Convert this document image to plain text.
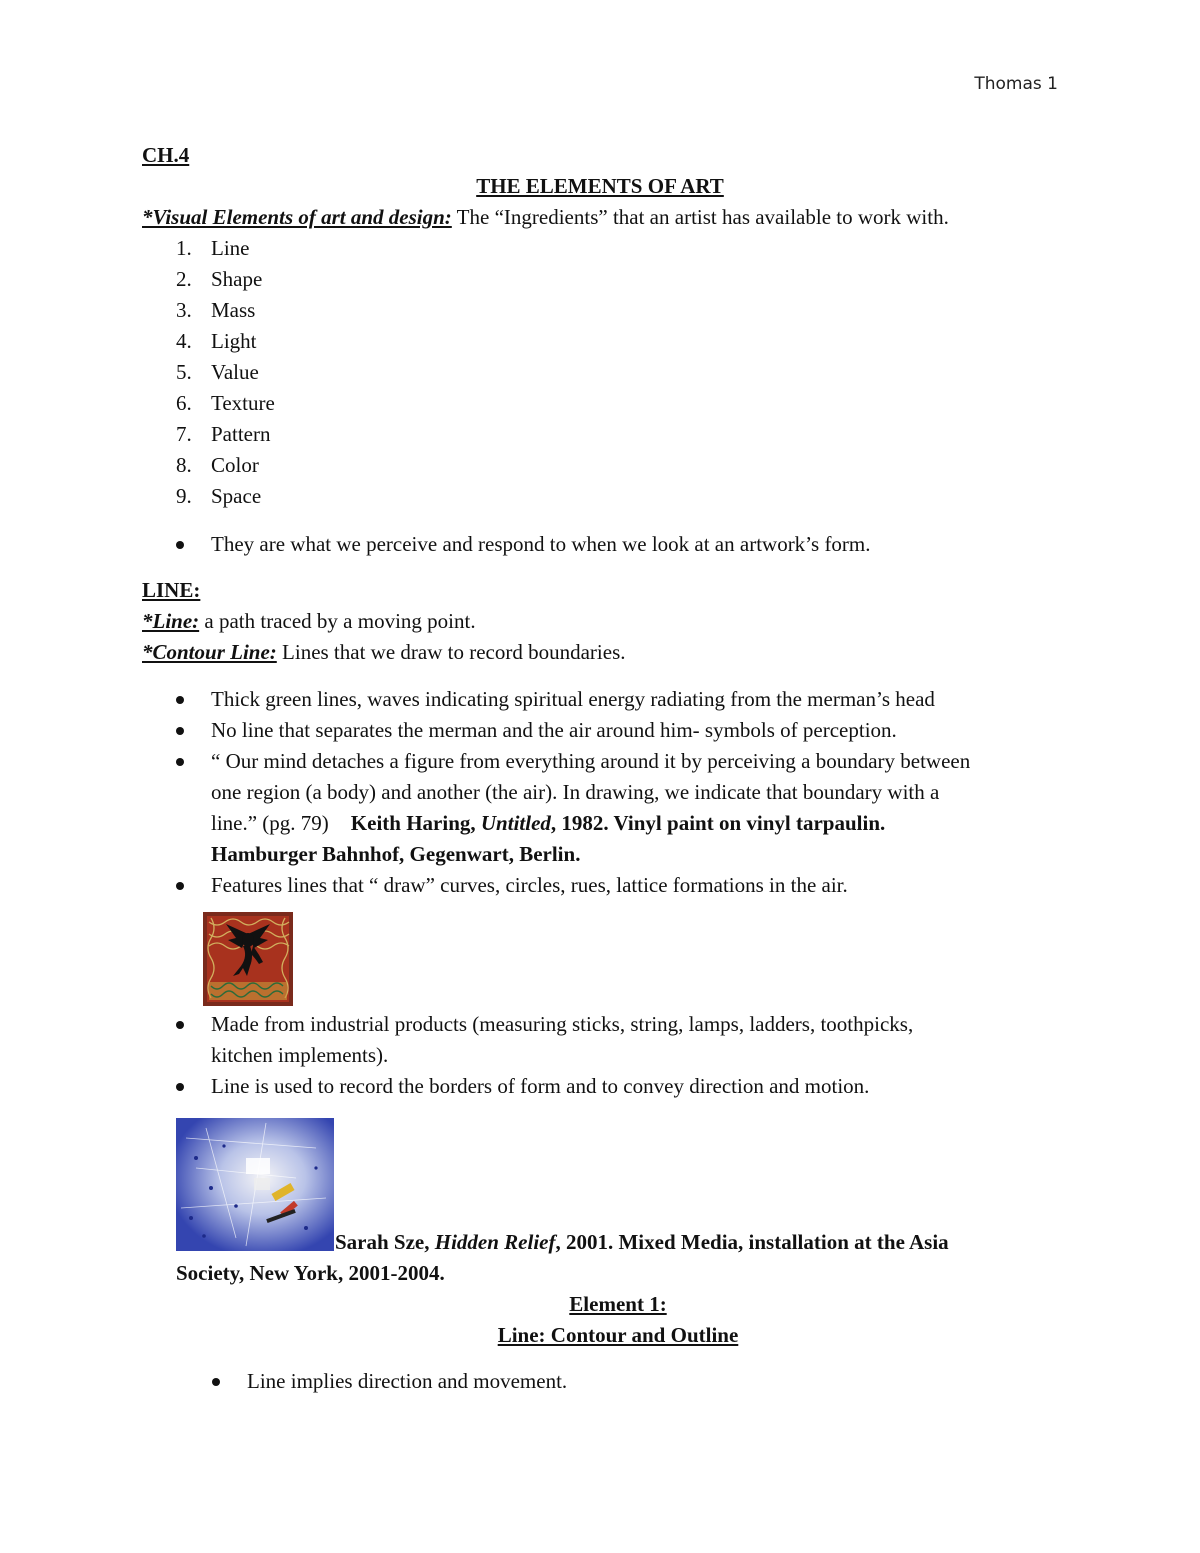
Thomas 1
CH.4
THE ELEMENTS OF ART
*Visual Elements of art and design: The “Ingredients” that an artist has available to work with.
1. Line
2. Shape
3. Mass
4. Light
5. Value
6. Texture
7. Pattern
8. Color
9. Space
They are what we perceive and respond to when we look at an artwork’s form.
LINE:
*Line: a path traced by a moving point.
*Contour Line: Lines that we draw to record boundaries.
Thick green lines, waves indicating spiritual energy radiating from the merman’s head
No line that separates the merman and the air around him- symbols of perception.
“ Our mind detaches a figure from everything around it by perceiving a boundary between
one region (a body) and another (the air). In drawing, we indicate that boundary with a
line.” (pg. 79) Keith Haring, Untitled, 1982. Vinyl paint on vinyl tarpaulin.
Hamburger Bahnhof, Gegenwart, Berlin.
Features lines that “ draw” curves, circles, rues, lattice formations in the air.
Made from industrial products (measuring sticks, string, lamps, ladders, toothpicks,
kitchen implements).
Line is used to record the borders of form and to convey direction and motion.
Sarah Sze, Hidden Relief, 2001. Mixed Media, installation at the Asia
Society, New York, 2001-2004.
Element 1:
Line: Contour and Outline
Line implies direction and movement.
